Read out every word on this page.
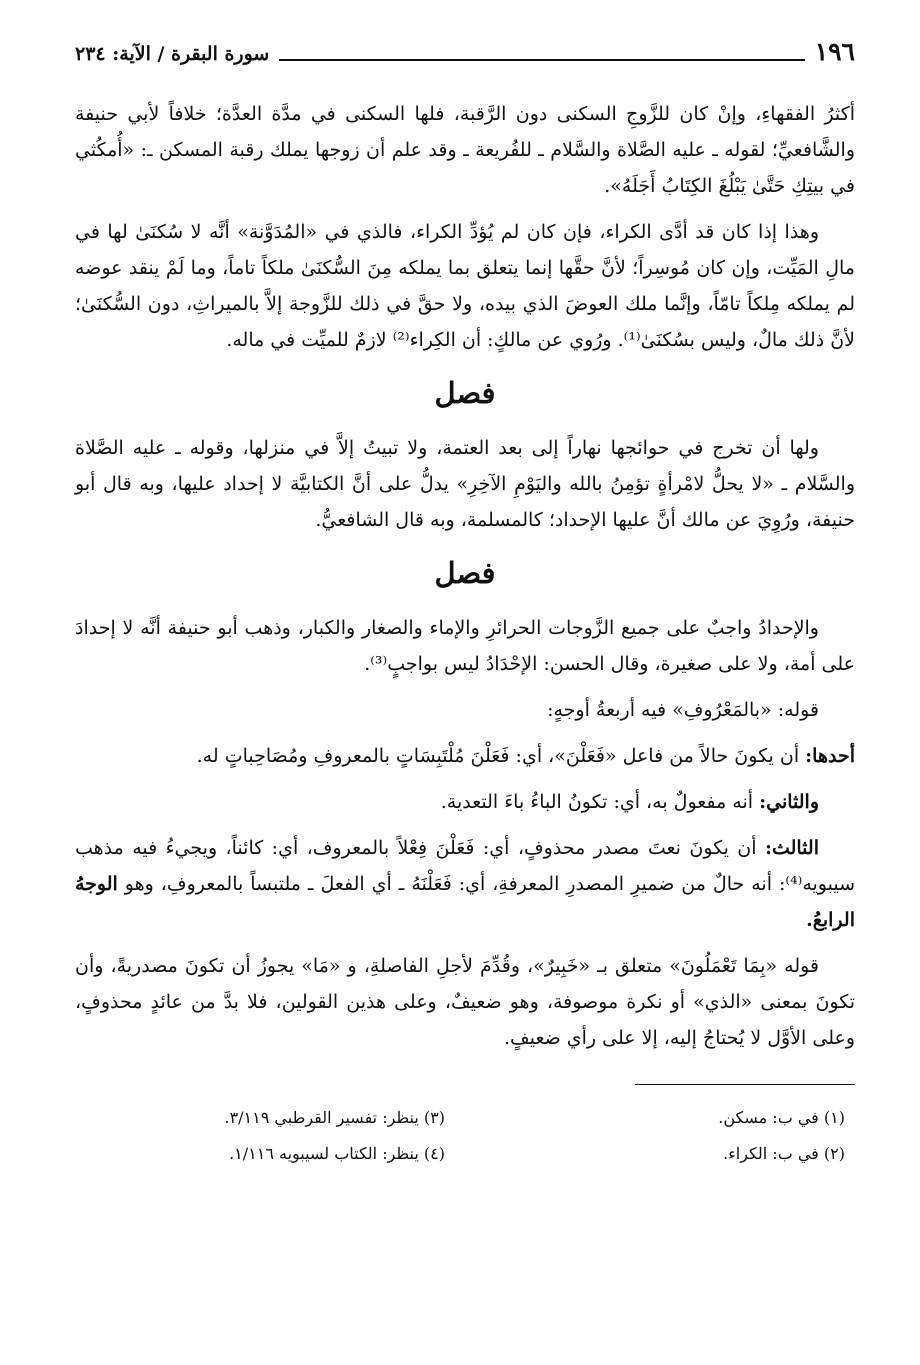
١٩٦
سورة البقرة / الآية: ٢٣٤

أكثرُ الفقهاءِ، وإنْ كان للزَّوجِ السكنى دون الرَّقبة، فلها السكنى في مدَّة العدَّة؛ خلافاً لأبي حنيفة والشَّافعيِّ؛ لقوله ـ عليه الصَّلاة والسَّلام ـ للفُريعة ـ وقد علم أن زوجها يملك رقبة المسكن ـ: «أُمكُثي في بيتِكِ حَتَّىٰ يَبْلُغَ الكِتَابُ أَجَلَهُ».

وهذا إذا كان قد أدَّى الكراء، فإن كان لم يُؤدِّ الكراء، فالذي في «المُدَوَّنة» أنَّه لا سُكنَىٰ لها في مالِ المَيِّت، وإن كان مُوسِراً؛ لأنَّ حقَّها إنما يتعلق بما يملكه مِنَ السُّكنَىٰ ملكاً تاماً، وما لَمْ ينقد عوضه لم يملكه مِلكاً تامّاً، وإنَّما ملك العوضَ الذي بيده، ولا حقَّ في ذلك للزَّوجة إلاَّ بالميراثِ، دون السُّكنَىٰ؛ لأنَّ ذلك مالٌ، وليس بسُكنَىٰ⁽¹⁾. ورُوي عن مالكٍ: أن الكِراء⁽²⁾ لازمٌ للميِّت في ماله.

فصل

ولها أن تخرج في حوائجها نهاراً إلى بعد العتمة، ولا تبيتُ إلاَّ في منزلها، وقوله ـ عليه الصَّلاة والسَّلام ـ «لا يحلُّ لامْرأةٍ تؤمِنُ بالله واليَوْمِ الآخِرِ» يدلُّ على أنَّ الكتابيَّة لا إحداد عليها، وبه قال أبو حنيفة، ورُوِيَ عن مالك أنَّ عليها الإحداد؛ كالمسلمة، وبه قال الشافعيُّ.

فصل

والإحدادُ واجبٌ على جميع الزَّوجات الحرائرِ والإماء والصغار والكبار، وذهب أبو حنيفة أنَّه لا إحدادَ على أمة، ولا على صغيرة، وقال الحسن: الإحْدَادُ ليس بواجبٍ⁽³⁾.

قوله: «بالمَعْرُوفِ» فيه أربعةُ أوجهٍ:

أحدها: أن يكونَ حالاً من فاعل «فَعَلْنَ»، أي: فَعَلْنَ مُلْتَبِسَاتٍ بالمعروفِ ومُصَاحِباتٍ له.

والثاني: أنه مفعولٌ به، أي: تكونُ الباءُ باءَ التعدية.

الثالث: أن يكونَ نعتَ مصدر محذوفٍ، أي: فَعَلْنَ فِعْلاً بالمعروف، أي: كائناً، ويجيءُ فيه مذهب سيبويه⁽⁴⁾: أنه حالٌ من ضميرِ المصدرِ المعرفةِ، أي: فَعَلْنَهُ ـ أي الفعلَ ـ ملتبساً بالمعروفِ، وهو الوجهُ الرابعُ.

قوله «بِمَا تَعْمَلُونَ» متعلق بـ «خَبِيرٌ»، وقُدِّمَ لأجلِ الفاصلةِ، و «مَا» يجوزُ أن تكونَ مصدريةً، وأن تكونَ بمعنى «الذي» أو نكرة موصوفة، وهو ضعيفٌ، وعلى هذين القولين، فلا بدَّ من عائدٍ محذوفٍ، وعلى الأوَّل لا يُحتاجُ إليه، إلا على رأي ضعيفٍ.

(١) في ب: مسكن.
(٣) ينظر: تفسير القرطبي ٣/١١٩.
(٢) في ب: الكراء.
(٤) ينظر: الكتاب لسيبويه ١/١١٦.
